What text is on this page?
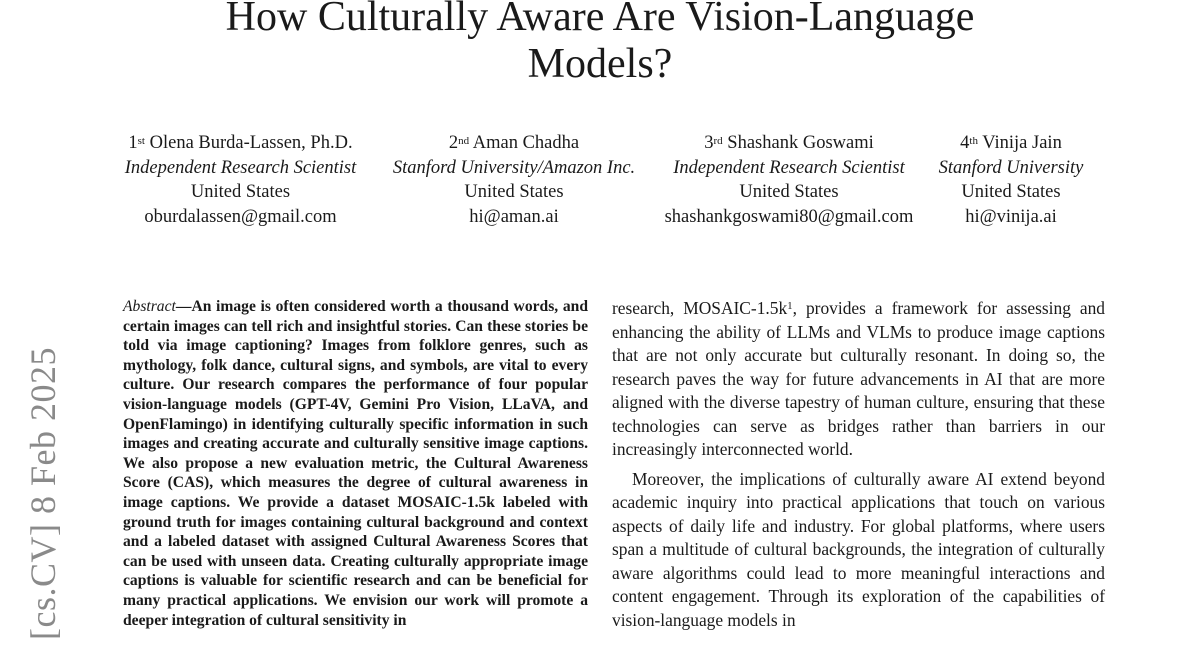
How Culturally Aware Are Vision-Language
Models?
1st Olena Burda-Lassen, Ph.D.
Independent Research Scientist
United States
oburdalassen@gmail.com
2nd Aman Chadha
Stanford University/Amazon Inc.
United States
hi@aman.ai
3rd Shashank Goswami
Independent Research Scientist
United States
shashankgoswami80@gmail.com
4th Vinija Jain
Stanford University
United States
hi@vinija.ai
[cs.CV] 8 Feb 2025
Abstract—An image is often considered worth a thousand words, and certain images can tell rich and insightful stories. Can these stories be told via image captioning? Images from folklore genres, such as mythology, folk dance, cultural signs, and symbols, are vital to every culture. Our research compares the performance of four popular vision-language models (GPT-4V, Gemini Pro Vision, LLaVA, and OpenFlamingo) in identifying culturally specific information in such images and creating accurate and culturally sensitive image captions. We also propose a new evaluation metric, the Cultural Awareness Score (CAS), which measures the degree of cultural awareness in image captions. We provide a dataset MOSAIC-1.5k labeled with ground truth for images containing cultural background and context and a labeled dataset with assigned Cultural Awareness Scores that can be used with unseen data. Creating culturally appropriate image captions is valuable for scientific research and can be beneficial for many practical applications. We envision our work will promote a deeper integration of cultural sensitivity in

research, MOSAIC-$1.5k^1$, provides a framework for assessing and enhancing the ability of LLMs and VLMs to produce image captions that are not only accurate but culturally resonant. In doing so, the research paves the way for future advancements in AI that are more aligned with the diverse tapestry of human culture, ensuring that these technologies can serve as bridges rather than barriers in our increasingly interconnected world.

Moreover, the implications of culturally aware AI extend beyond academic inquiry into practical applications that touch on various aspects of daily life and industry. For global platforms, where users span a multitude of cultural backgrounds, the integration of culturally aware algorithms could lead to more meaningful interactions and content engagement. Through its exploration of the capabilities of vision-language models in
